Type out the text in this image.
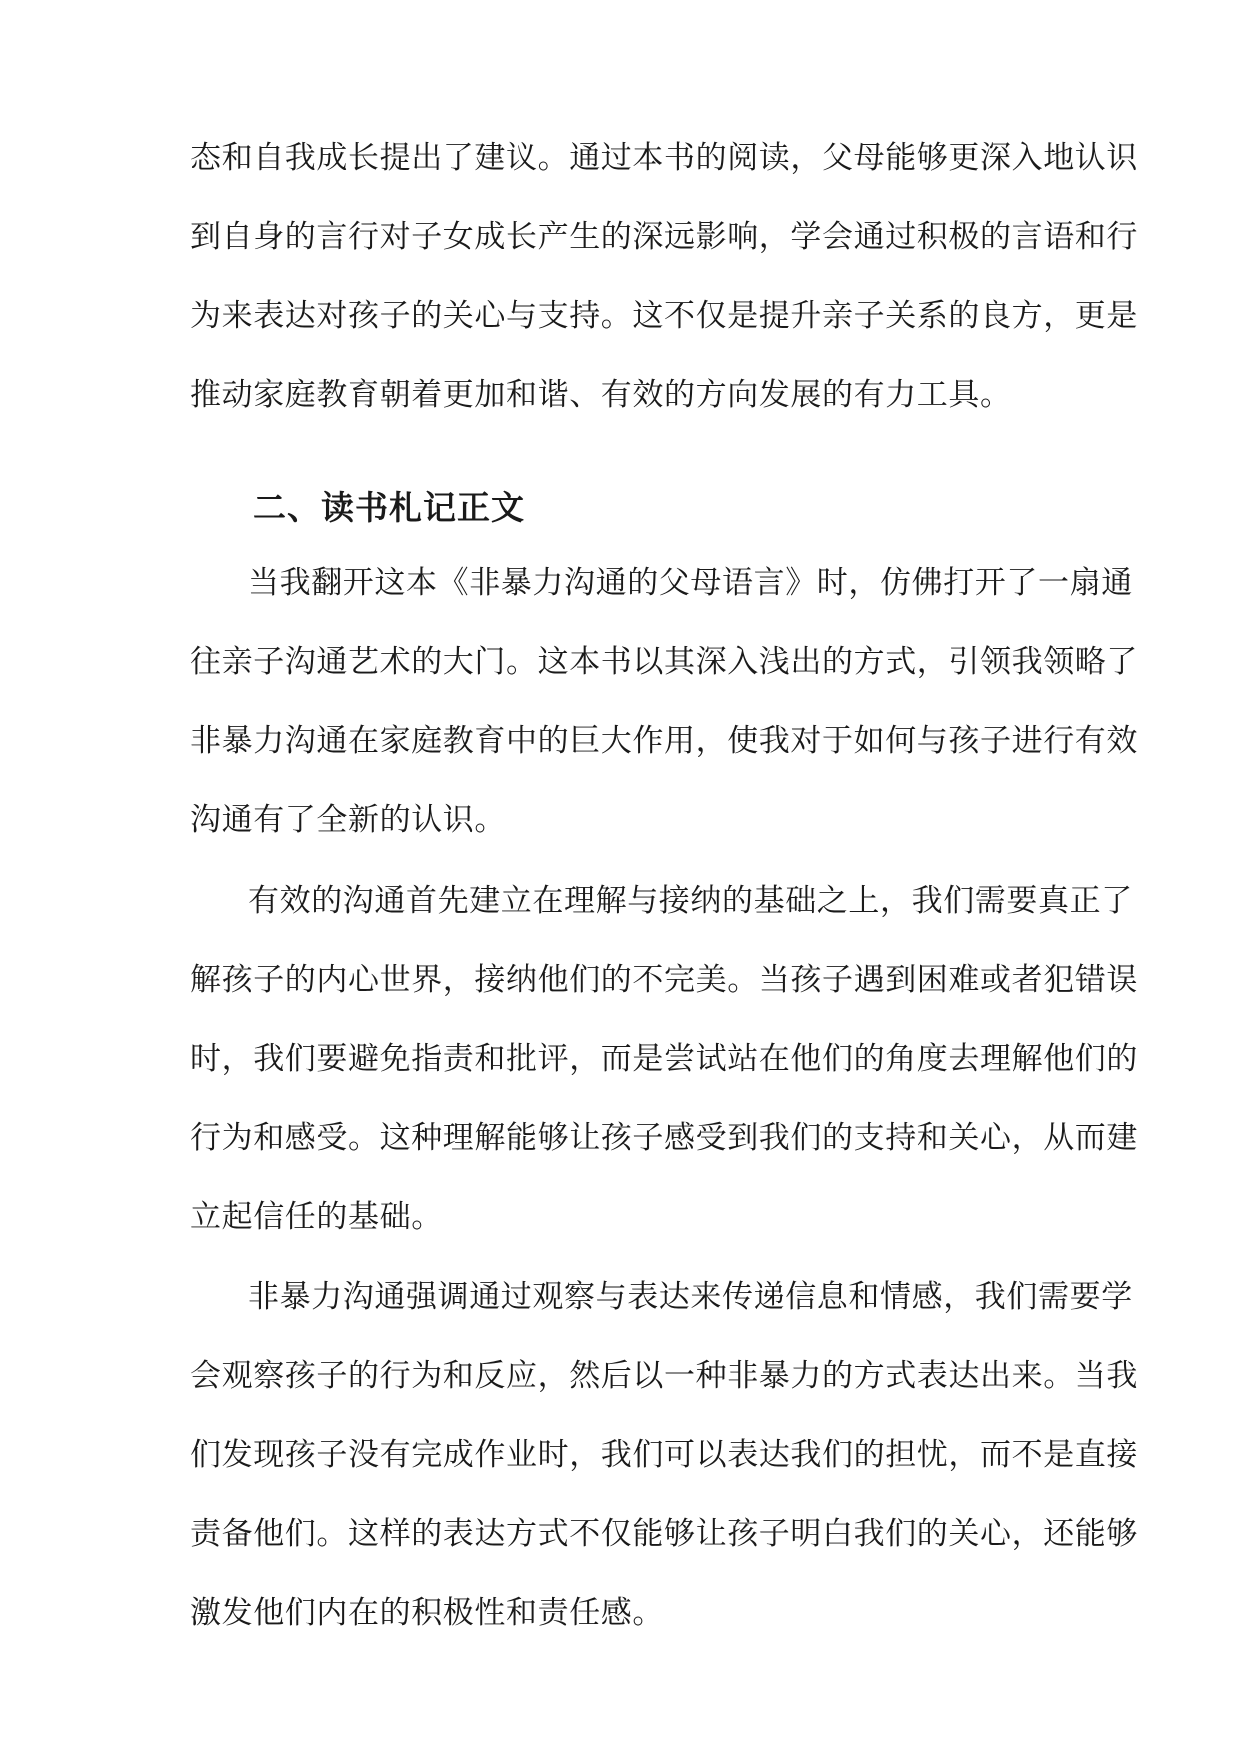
态和自我成长提出了建议。通过本书的阅读，父母能够更深入地认识
到自身的言行对子女成长产生的深远影响，学会通过积极的言语和行
为来表达对孩子的关心与支持。这不仅是提升亲子关系的良方，更是
推动家庭教育朝着更加和谐、有效的方向发展的有力工具。
二、读书札记正文
当我翻开这本《非暴力沟通的父母语言》时，仿佛打开了一扇通
往亲子沟通艺术的大门。这本书以其深入浅出的方式，引领我领略了
非暴力沟通在家庭教育中的巨大作用，使我对于如何与孩子进行有效
沟通有了全新的认识。
有效的沟通首先建立在理解与接纳的基础之上，我们需要真正了
解孩子的内心世界，接纳他们的不完美。当孩子遇到困难或者犯错误
时，我们要避免指责和批评，而是尝试站在他们的角度去理解他们的
行为和感受。这种理解能够让孩子感受到我们的支持和关心，从而建
立起信任的基础。
非暴力沟通强调通过观察与表达来传递信息和情感，我们需要学
会观察孩子的行为和反应，然后以一种非暴力的方式表达出来。当我
们发现孩子没有完成作业时，我们可以表达我们的担忧，而不是直接
责备他们。这样的表达方式不仅能够让孩子明白我们的关心，还能够
激发他们内在的积极性和责任感。
